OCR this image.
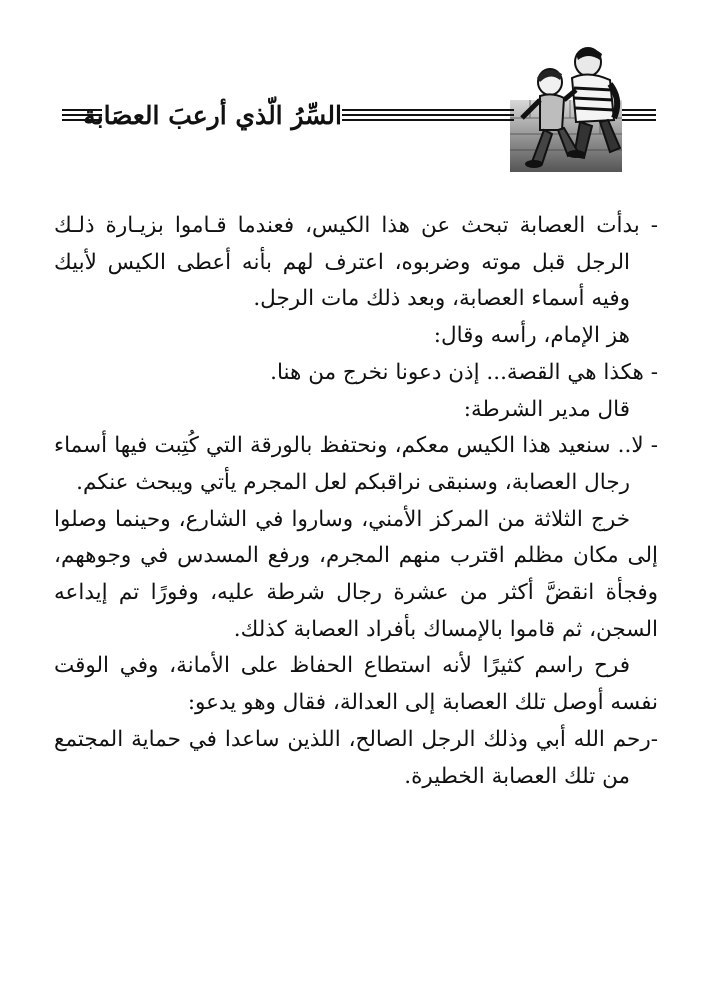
السِّرُ الّذي أرعبَ العصَابة

- بدأت العصابة تبحث عن هذا الكيس، فعندما قـاموا بزيـارة ذلـك الرجل قبل موته وضربوه، اعترف لهم بأنه أعطى الكيس لأبيك وفيه أسماء العصابة، وبعد ذلك مات الرجل.

هز الإمام، رأسه وقال:

- هكذا هي القصة... إذن دعونا نخرج من هنا.

قال مدير الشرطة:

- لا.. سنعيد هذا الكيس معكم، ونحتفظ بالورقة التي كُتِبت فيها أسماء رجال العصابة، وسنبقى نراقبكم لعل المجرم يأتي ويبحث عنكم.

خرج الثلاثة من المركز الأمني، وساروا في الشارع، وحينما وصلوا إلى مكان مظلم اقترب منهم المجرم، ورفع المسدس في وجوههم، وفجأة انقضَّ أكثر من عشرة رجال شرطة عليه، وفورًا تم إيداعه السجن، ثم قاموا بالإمساك بأفراد العصابة كذلك.

فرح راسم كثيرًا لأنه استطاع الحفاظ على الأمانة، وفي الوقت نفسه أوصل تلك العصابة إلى العدالة، فقال وهو يدعو:

-رحم الله أبي وذلك الرجل الصالح، اللذين ساعدا في حماية المجتمع من تلك العصابة الخطيرة.
